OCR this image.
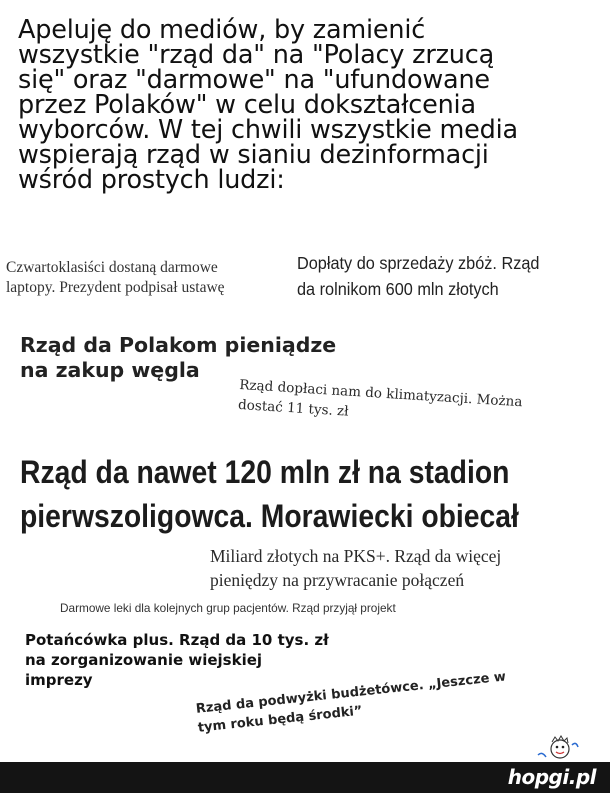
Apeluję do mediów, by zamienić
wszystkie "rząd da" na "Polacy zrzucą
się" oraz "darmowe" na "ufundowane
przez Polaków" w celu dokształcenia
wyborców. W tej chwili wszystkie media
wspierają rząd w sianiu dezinformacji
wśród prostych ludzi:
Czwartoklasiści dostaną darmowe
laptopy. Prezydent podpisał ustawę
Dopłaty do sprzedaży zbóż. Rząd
da rolnikom 600 mln złotych
Rząd da Polakom pieniądze
na zakup węgla
Rząd dopłaci nam do klimatyzacji. Można
dostać 11 tys. zł
Rząd da nawet 120 mln zł na stadion
pierwszoligowca. Morawiecki obiecał
Miliard złotych na PKS+. Rząd da więcej
pieniędzy na przywracanie połączeń
Darmowe leki dla kolejnych grup pacjentów. Rząd przyjął projekt
Potańcówka plus. Rząd da 10 tys. zł
na zorganizowanie wiejskiej
imprezy	Rząd da podwyżki budżetówce. „Jeszcze w
tym roku będą środki”
hopgi.pl
